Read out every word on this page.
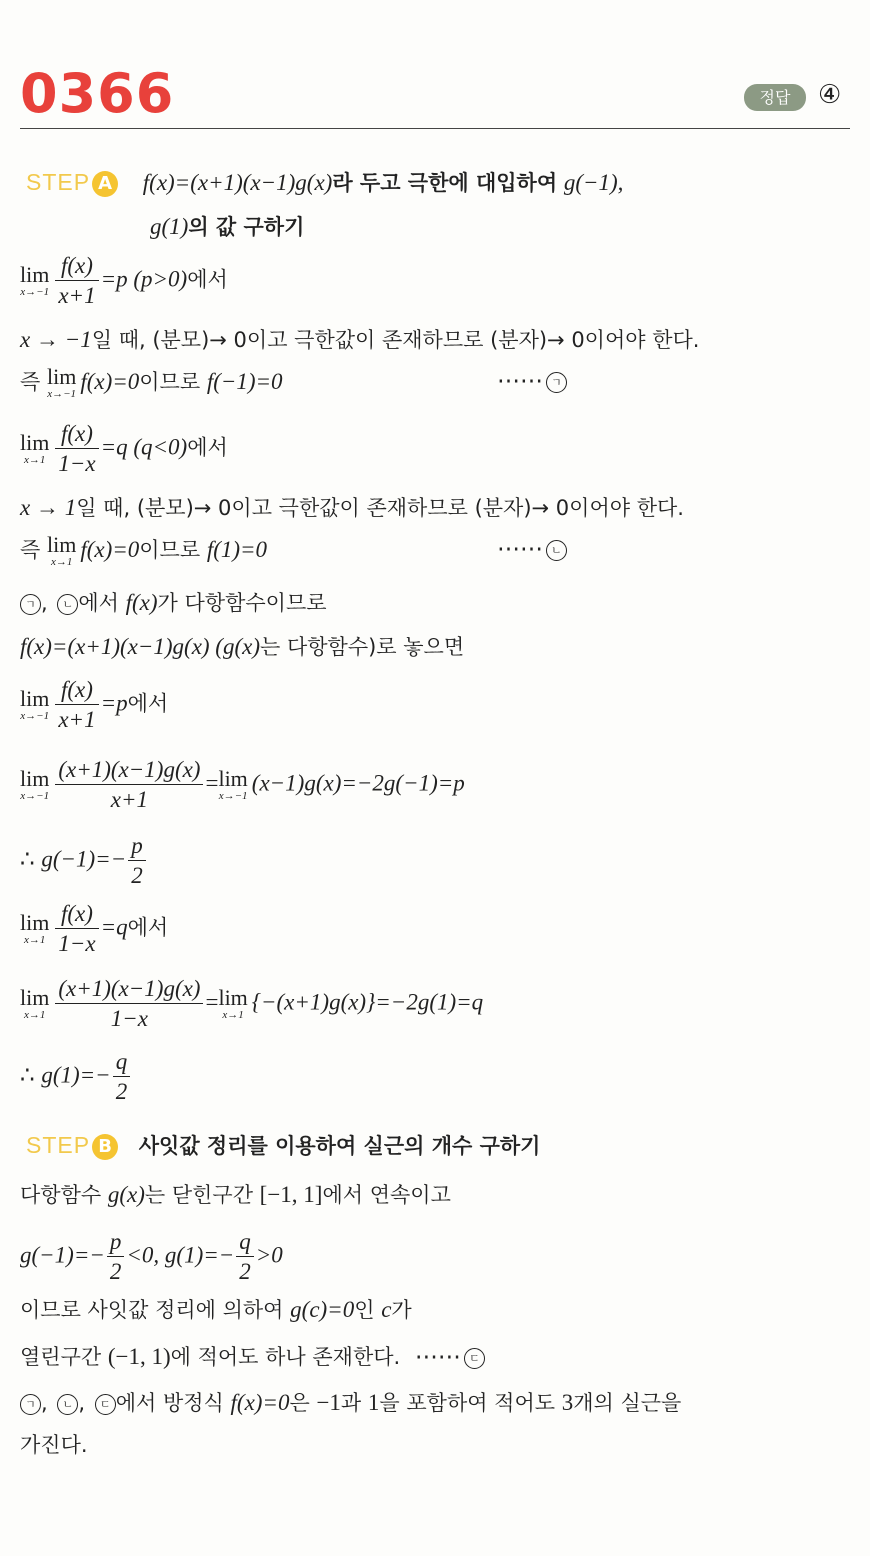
0366	정답	④
STEP A f(x)=(x+1)(x−1)g(x)라 두고 극한에 대입하여 g(−1),
g(1)의 값 구하기
lim
$x\to-1 \frac{f(x)}{x+1} =p$ (p>0)에서
x → −1일 때, (분모)→ 0이고 극한값이 존재하므로 (분자)→ 0이어야 한다.
즉 lim
x→−1 f(x)=0이므로 f(−1)=0	⋯⋯ ㄱ
lim
$x\to 1 \frac{f(x)}{1-x} =q$ (q<0)에서
x → 1일 때, (분모)→ 0이고 극한값이 존재하므로 (분자)→ 0이어야 한다.
즉 lim
x→1 f(x)=0이므로 f(1)=0	⋯⋯ ㄴ
ㄱ , ㄴ 에서 f(x)가 다항함수이므로
f(x)=(x+1)(x−1)g(x) (g(x)는 다항함수)로 놓으면
lim
$x\to-1 \frac{f(x)}{x+1} =p$에서
lim
$x\to-1 \frac{(x+1)(x-1)g(x)}{x+1} = \lim$
x→−1 (x−1)g(x)=−2g(−1)=p
∴ $g(-1)=- \frac{p}{2}$
lim
$x\to 1 \frac{f(x)}{1-x} =q$에서
lim
$x\to 1 \frac{(x+1)(x-1)g(x)}{1-x} = \lim$
x→1 {−(x+1)g(x)}=−2g(1)=q
∴ $g(1)=- \frac{q}{2}$
STEP B 사잇값 정리를 이용하여 실근의 개수 구하기
다항함수 g(x)는 닫힌구간 [−1, 1]에서 연속이고
$g(-1)=- \frac{p}{2} <0$, $g(1)=- \frac{q}{2} >0$
이므로 사잇값 정리에 의하여 g(c)=0인 c가
열린구간 (−1, 1)에 적어도 하나 존재한다. ⋯⋯ ㄷ
ㄱ , ㄴ , ㄷ 에서 방정식 f(x)=0은 −1과 1을 포함하여 적어도 3개의 실근을
가진다.
